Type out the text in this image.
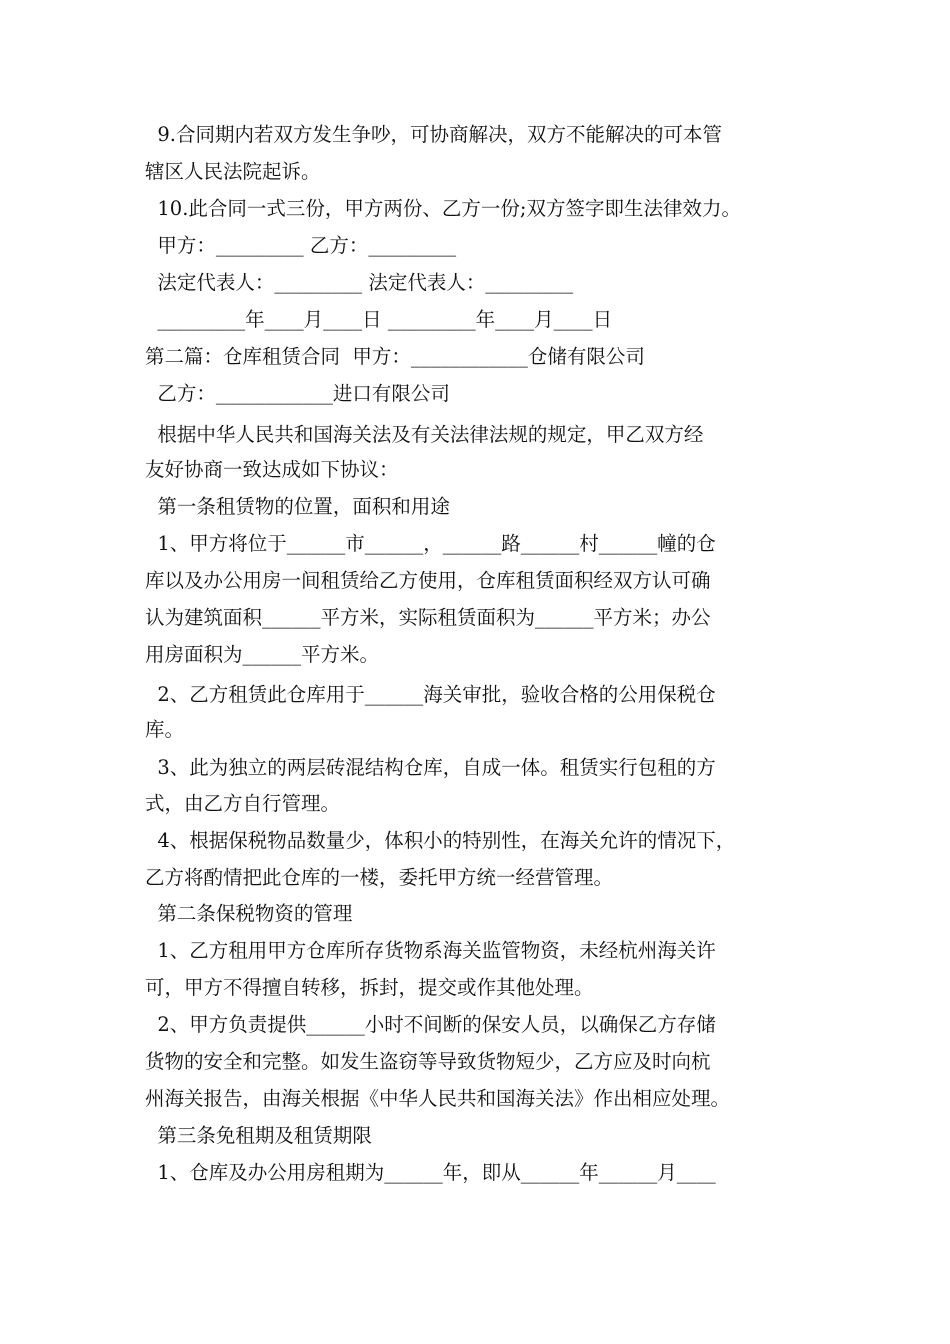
9.合同期内若双方发生争吵，可协商解决，双方不能解决的可本管
辖区人民法院起诉。
10.此合同一式三份，甲方两份、乙方一份;双方签字即生法律效力。
甲方：_________ 乙方：_________
法定代表人：_________ 法定代表人：_________
_________年____月____日 _________年____月____日
第二篇：仓库租赁合同  甲方：____________仓储有限公司
乙方：____________进口有限公司
根据中华人民共和国海关法及有关法律法规的规定，甲乙双方经
友好协商一致达成如下协议：
第一条租赁物的位置，面积和用途
1、甲方将位于______市______，______路______村______幢的仓
库以及办公用房一间租赁给乙方使用，仓库租赁面积经双方认可确
认为建筑面积______平方米，实际租赁面积为______平方米；办公
用房面积为______平方米。
2、乙方租赁此仓库用于______海关审批，验收合格的公用保税仓
库。
3、此为独立的两层砖混结构仓库，自成一体。租赁实行包租的方
式，由乙方自行管理。
4、根据保税物品数量少，体积小的特别性，在海关允许的情况下，
乙方将酌情把此仓库的一楼，委托甲方统一经营管理。
第二条保税物资的管理
1、乙方租用甲方仓库所存货物系海关监管物资，未经杭州海关许
可，甲方不得擅自转移，拆封，提交或作其他处理。
2、甲方负责提供______小时不间断的保安人员，以确保乙方存储
货物的安全和完整。如发生盗窃等导致货物短少，乙方应及时向杭
州海关报告，由海关根据《中华人民共和国海关法》作出相应处理。
第三条免租期及租赁期限
1、仓库及办公用房租期为______年，即从______年______月____
